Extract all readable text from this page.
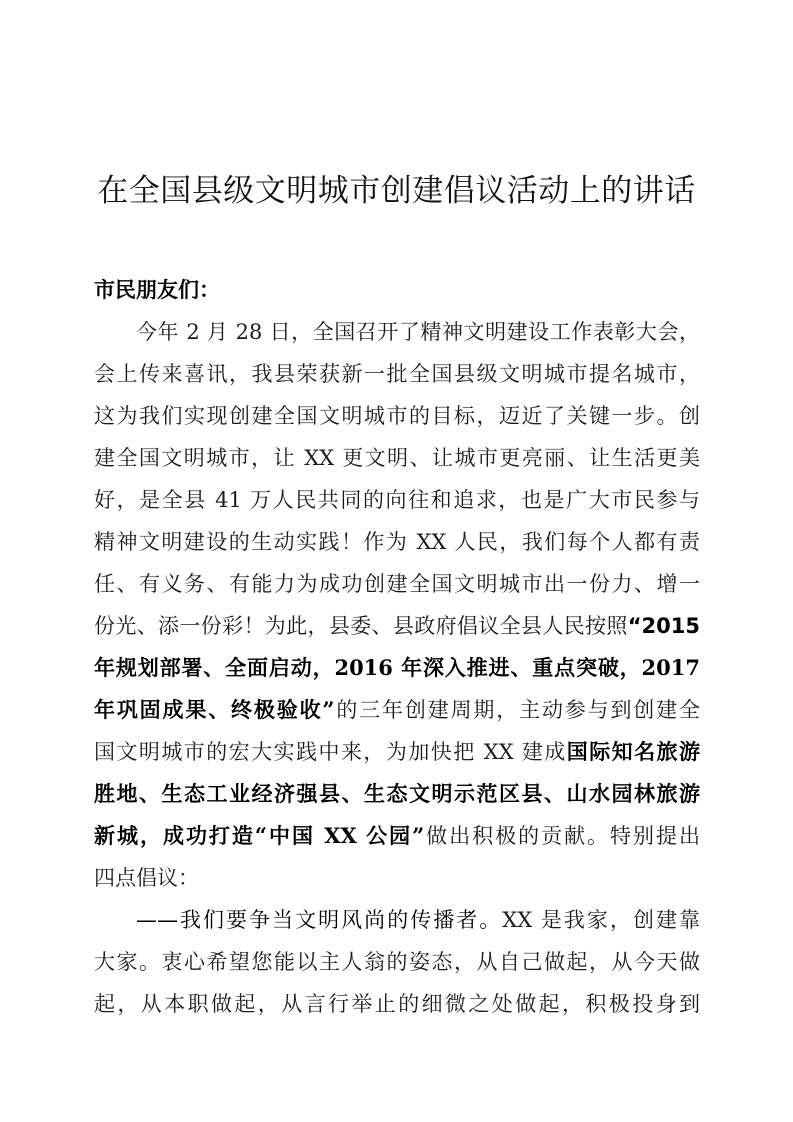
在全国县级文明城市创建倡议活动上的讲话
市民朋友们：
今年 2 月 28 日，全国召开了精神文明建设工作表彰大会，
会上传来喜讯，我县荣获新一批全国县级文明城市提名城市，
这为我们实现创建全国文明城市的目标，迈近了关键一步。创
建全国文明城市，让 XX 更文明、让城市更亮丽、让生活更美
好，是全县 41 万人民共同的向往和追求，也是广大市民参与
精神文明建设的生动实践！作为 XX 人民，我们每个人都有责
任、有义务、有能力为成功创建全国文明城市出一份力、增一
份光、添一份彩！为此，县委、县政府倡议全县人民按照“2015
年规划部署、全面启动，2016 年深入推进、重点突破，2017
年巩固成果、终极验收”的三年创建周期，主动参与到创建全
国文明城市的宏大实践中来，为加快把 XX 建成国际知名旅游
胜地、生态工业经济强县、生态文明示范区县、山水园林旅游
新城，成功打造“中国 XX 公园”做出积极的贡献。特别提出
四点倡议：
——我们要争当文明风尚的传播者。XX 是我家，创建靠
大家。衷心希望您能以主人翁的姿态，从自己做起，从今天做
起，从本职做起，从言行举止的细微之处做起，积极投身到
